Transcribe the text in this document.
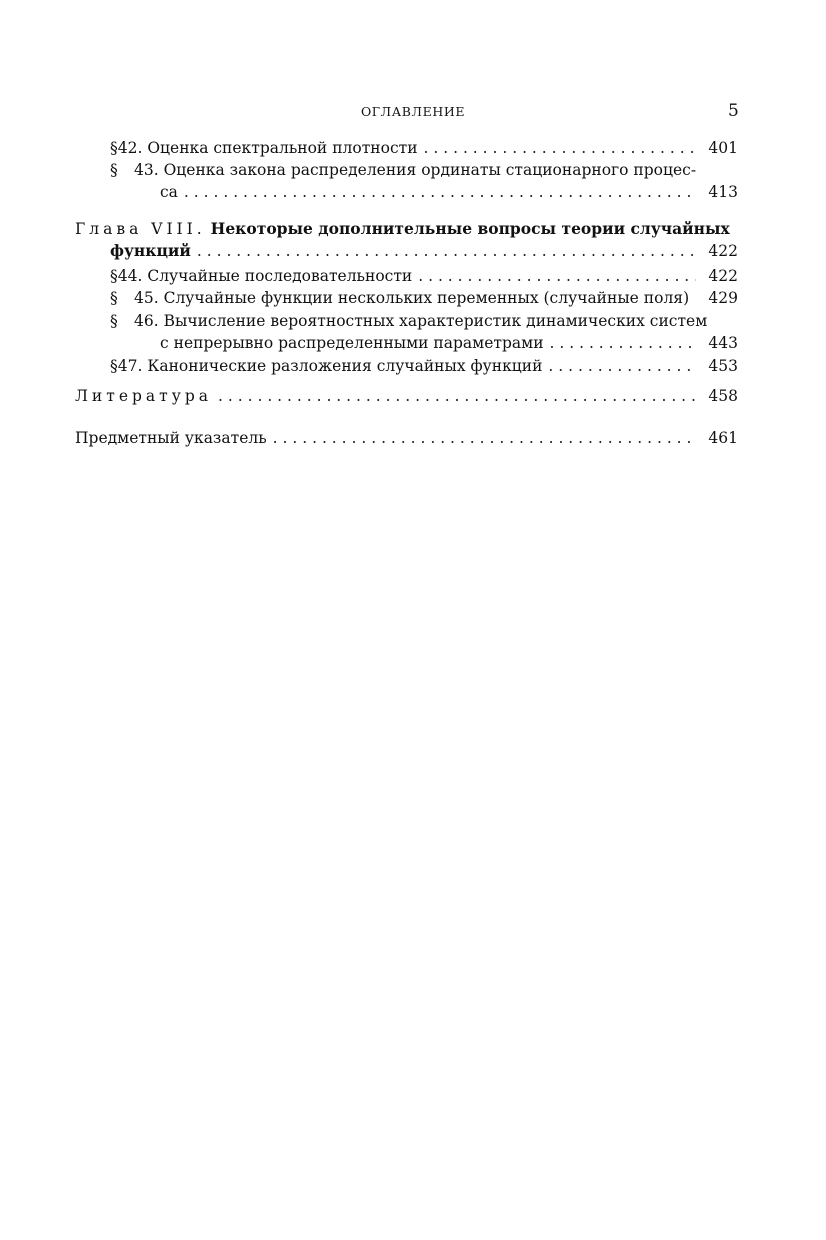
ОГЛАВЛЕНИЕ	5
§ 42.
Оценка спектральной плотности . . .	401
§	43.
Оценка закона распределения ординаты стационарного процес-
са . . .	413
Глава VIII.
Некоторые дополнительные вопросы теории случайных
функций . . .	422
§ 44.
Случайные последовательности . . .	422
§	45.
Случайные функции нескольких переменных (случайные поля)	429
§	46.
Вычисление вероятностных характеристик динамических систем
с непрерывно распределенными параметрами . . .	443
§ 47.
Канонические разложения случайных функций . . .	453
Литература . . .	458
Предметный указатель . . .	461
